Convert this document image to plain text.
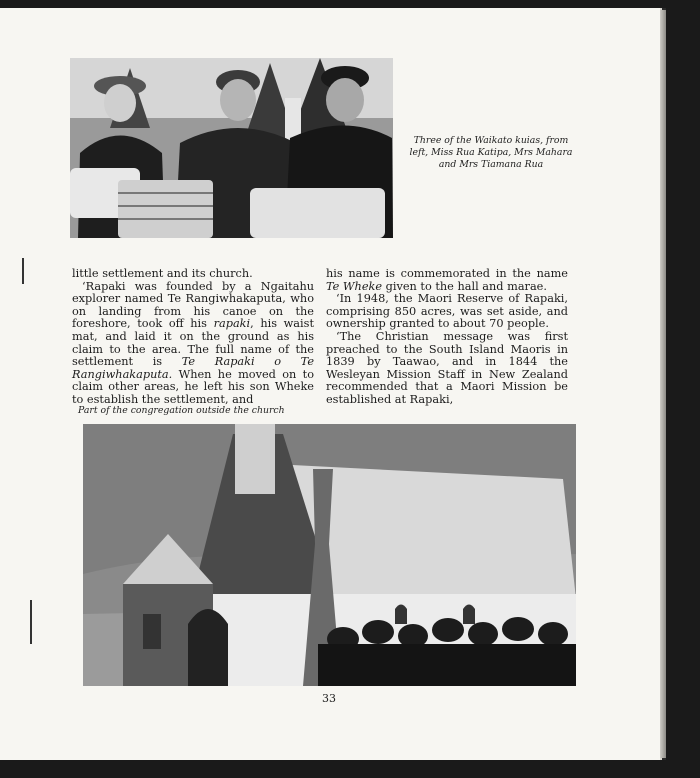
Three of the Waikato kuias, from left, Miss Rua Katipa, Mrs Mahara and Mrs Tiamana Rua

little settlement and its church.

‘Rapaki was founded by a Ngaitahu explorer named Te Rangiwhakaputa, who on landing from his canoe on the foreshore, took off his rapaki, his waist mat, and laid it on the ground as his claim to the area. The full name of the settlement is Te Rapaki o Te Rangiwhakaputa. When he moved on to claim other areas, he left his son Wheke to establish the settlement, and

his name is commemorated in the name Te Wheke given to the hall and marae.

‘In 1948, the Maori Reserve of Rapaki, comprising 850 acres, was set aside, and ownership granted to about 70 people.

‘The Christian message was first preached to the South Island Maoris in 1839 by Taawao, and in 1844 the Wesleyan Mission Staff in New Zealand recommended that a Maori Mission be established at Rapaki,

Part of the congregation outside the church
33
